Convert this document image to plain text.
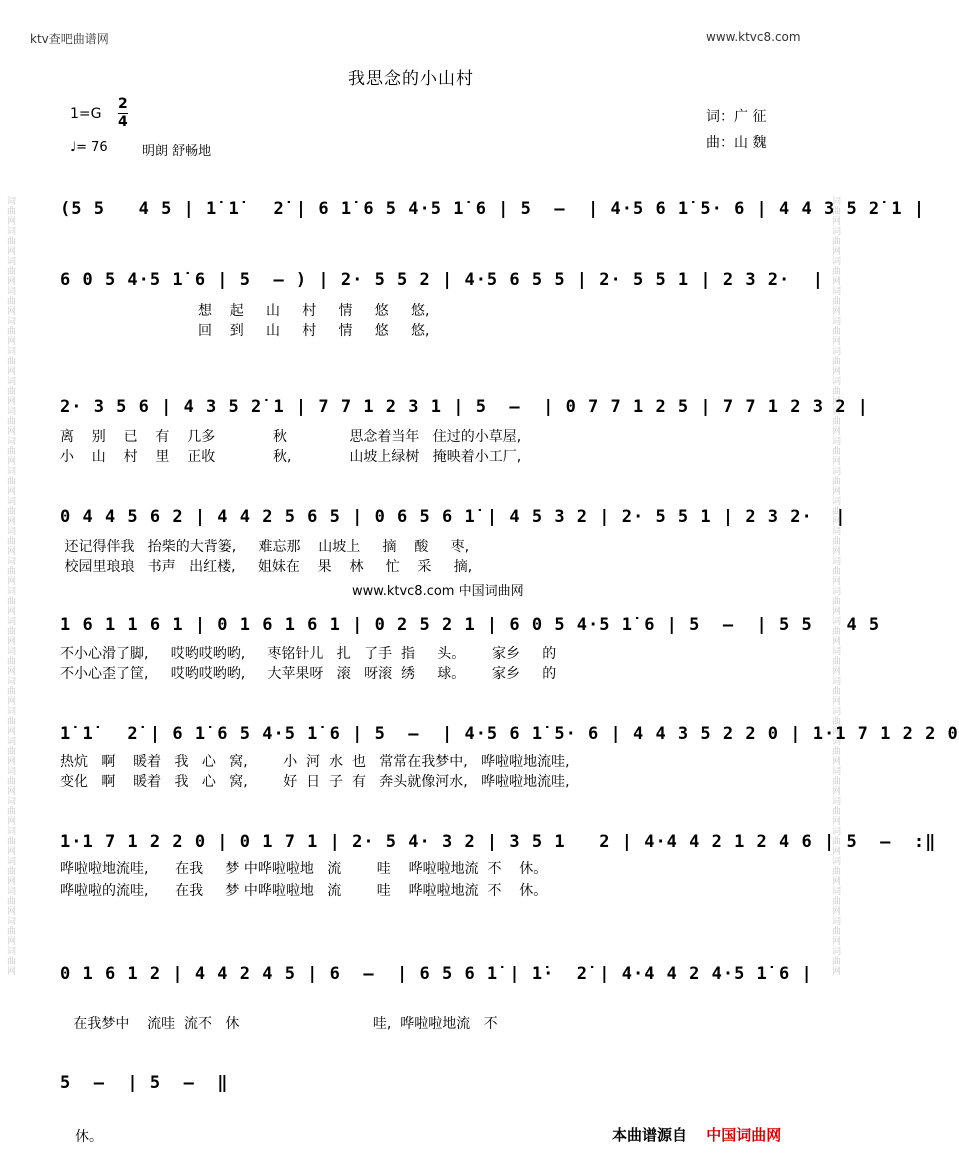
词曲网词曲网词曲网词曲网词曲网词曲网词曲网词曲网词曲网词曲网词曲网词曲网词曲网词曲网词曲网词曲网词曲网词曲网词曲网词曲网词曲网词曲网词曲网词曲网词曲网词曲网	词曲网词曲网词曲网词曲网词曲网词曲网词曲网词曲网词曲网词曲网词曲网词曲网词曲网词曲网词曲网词曲网词曲网词曲网词曲网词曲网词曲网词曲网词曲网词曲网词曲网词曲网
ktv查吧曲谱网	www.ktvc8.com
我思念的小山村
1=G
2
4
♩= 76	明朗 舒畅地
词：广 征
曲：山 魏
(5 5   4 5 | 1̇ 1̇   2̇ | 6 1̇ 6 5 4·5 1̇ 6 | 5  –  | 4·5 6 1̇ 5· 6 | 4 4 3 5 2̇ 1 |
6 0 5 4·5 1̇ 6 | 5  – ) | 2· 5 5 2 | 4·5 6 5 5 | 2· 5 5 1 | 2 3 2·  |
想    起     山     村     情     悠     悠,
回    到     山     村     情     悠     悠,
2· 3 5 6 | 4 3 5 2̇ 1 | 7 7 1 2 3 1 | 5  –  | 0 7 7 1 2 5 | 7 7 1 2 3 2 |
离    别    已    有    几多             秋              思念着当年   住过的小草屋,
小    山    村    里    正收             秋,             山坡上绿树   掩映着小工厂,
0 4 4 5 6 2 | 4 4 2 5 6 5 | 0 6 5 6 1̇ | 4 5 3 2 | 2· 5 5 1 | 2 3 2·  |
还记得伴我   抬柴的大背篓,     难忘那    山坡上     摘    酸     枣,
校园里琅琅   书声   出红楼,     姐妹在    果    林     忙    采     摘,
www.ktvc8.com 中国词曲网
1 6 1 1 6 1 | 0 1 6 1 6 1 | 0 2 5 2 1 | 6 0 5 4·5 1̇ 6 | 5  –  | 5 5   4 5
不小心滑了脚,     哎哟哎哟哟,     枣铭针儿   扎   了手  指     头。      家乡     的
不小心歪了筐,     哎哟哎哟哟,     大苹果呀   滚   呀滚  绣     球。      家乡     的
1̇ 1̇   2̇ | 6 1̇ 6 5 4·5 1̇ 6 | 5  –  | 4·5 6 1̇ 5· 6 | 4 4 3 5 2 2 0 | 1·1 7 1 2 2 0
热炕   啊    暖着   我   心   窝,        小  河  水  也   常常在我梦中,   哗啦啦地流哇,
变化   啊    暖着   我   心   窝,        好  日  子  有   奔头就像河水,   哗啦啦地流哇,
1·1 7 1 2 2 0 | 0 1 7 1 | 2· 5 4· 3 2 | 3 5 1   2 | 4·4 4 2 1 2 4 6 | 5  –  :‖
哗啦啦地流哇,      在我     梦 中哗啦啦地   流        哇    哗啦啦地流  不    休。
哗啦啦的流哇,      在我     梦 中哗啦啦地   流        哇    哗啦啦地流  不    休。
0 1 6 1 2 | 4 4 2 4 5 | 6  –  | 6 5 6 1̇ | 1̇·  2̇ | 4·4 4 2 4·5 1̇ 6 |
在我梦中    流哇  流不   休                              哇,  哗啦啦地流   不
5  –  | 5  –  ‖
休。	本曲谱源自 中国词曲网
